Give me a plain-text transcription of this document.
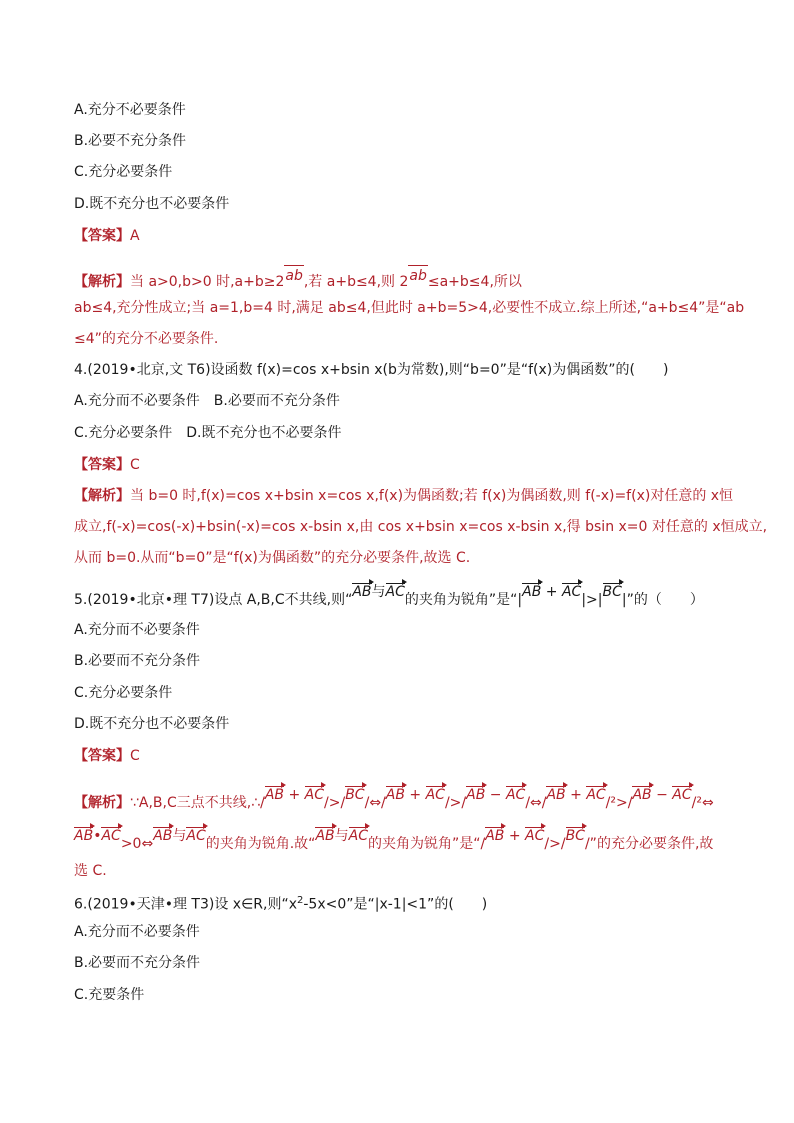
A.充分不必要条件
B.必要不充分条件
C.充分必要条件
D.既不充分也不必要条件
【答案】A
【解析】当 a>0,b>0 时,a+b≥2ab,若 a+b≤4,则 2ab≤a+b≤4,所以
ab≤4,充分性成立;当 a=1,b=4 时,满足 ab≤4,但此时 a+b=5>4,必要性不成立.综上所述,“a+b≤4”是“ab
≤4”的充分不必要条件.
4.(2019•北京,文 T6)设函数 f(x)=cos x+bsin x(b为常数),则“b=0”是“f(x)为偶函数”的(　　)
A.充分而不必要条件　B.必要而不充分条件
C.充分必要条件　D.既不充分也不必要条件
【答案】C
【解析】当 b=0 时,f(x)=cos x+bsin x=cos x,f(x)为偶函数;若 f(x)为偶函数,则 f(-x)=f(x)对任意的 x恒
成立,f(-x)=cos(-x)+bsin(-x)=cos x-bsin x,由 cos x+bsin x=cos x-bsin x,得 bsin x=0 对任意的 x恒成立,
从而 b=0.从而“b=0”是“f(x)为偶函数”的充分必要条件,故选 C.
5.(2019•北京•理 T7)设点 A,B,C不共线,则“AB与AC的夹角为锐角”是“|AB + AC|>|BC|”的（　　）
A.充分而不必要条件
B.必要而不充分条件
C.充分必要条件
D.既不充分也不必要条件
【答案】C
【解析】∵A,B,C三点不共线,∴/AB + AC/>/BC/⇔/AB + AC/>/AB − AC/⇔/AB + AC/²>/AB − AC/²⇔
AB•AC>0⇔AB与AC的夹角为锐角.故“AB与AC的夹角为锐角”是“/AB + AC/>/BC/”的充分必要条件,故
选 C.
6.(2019•天津•理 T3)设 x∈R,则“$x^2-5x<0$”是“|x-1|<1”的(　　)
A.充分而不必要条件
B.必要而不充分条件
C.充要条件
